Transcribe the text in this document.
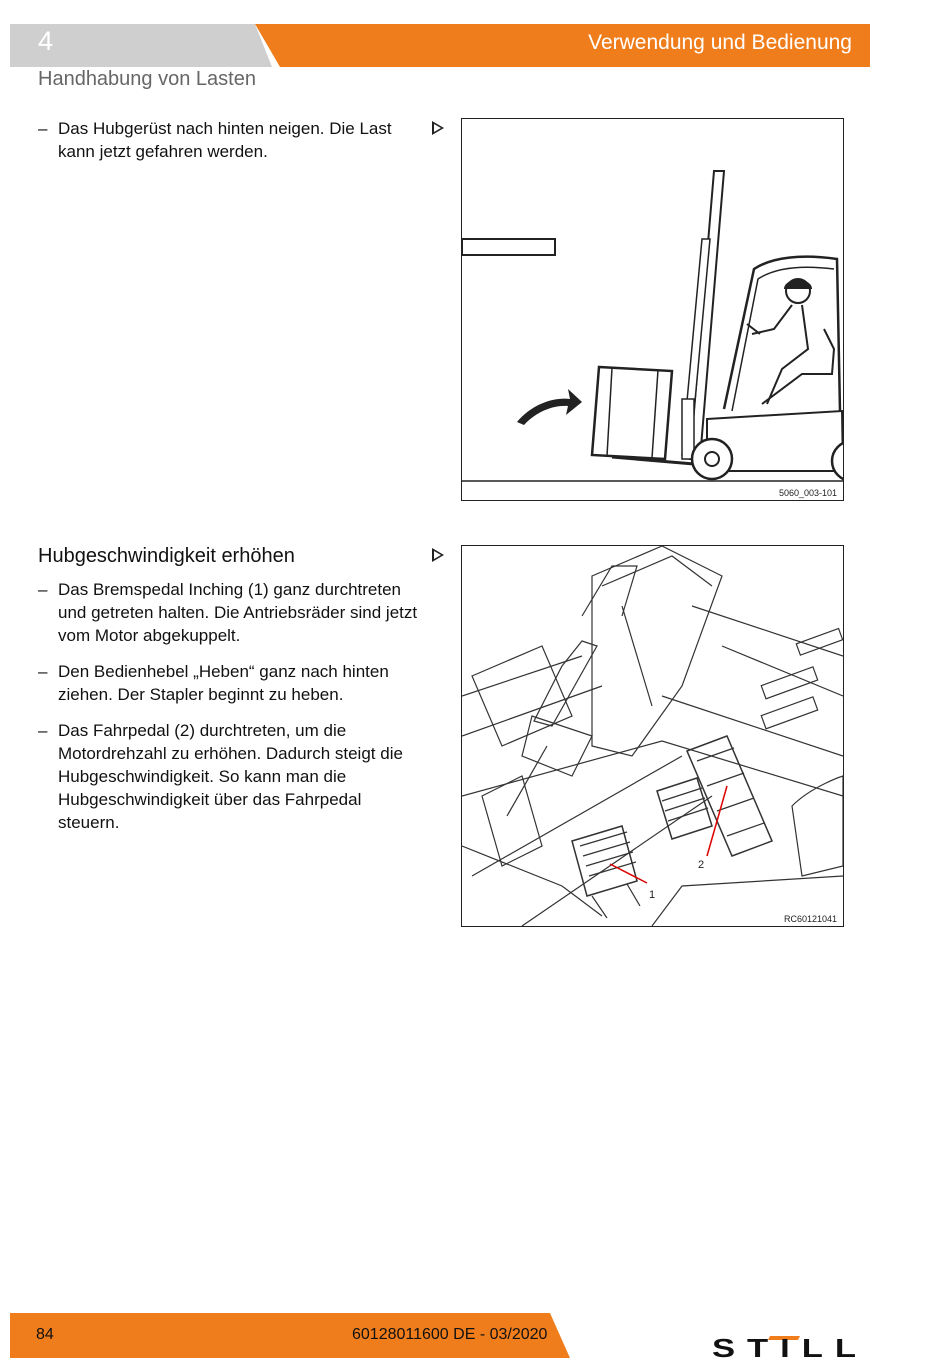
4	Verwendung und Bedienung
Handhabung von Lasten
– Das Hubgerüst nach hinten neigen. Die Last kann jetzt gefahren werden.
5060_003-101
Hubgeschwindigkeit erhöhen
– Das Bremspedal Inching (1) ganz durchtreten und getreten halten. Die Antriebsräder sind jetzt vom Motor abgekuppelt.
– Den Bedienhebel „Heben“ ganz nach hinten ziehen. Der Stapler beginnt zu heben.
– Das Fahrpedal (2) durchtreten, um die Motordrehzahl zu erhöhen. Dadurch steigt die Hubgeschwindigkeit. So kann man die Hubgeschwindigkeit über das Fahrpedal steuern.
1
2
RC60121041
84	60128011600 DE - 03/2020	STILL
